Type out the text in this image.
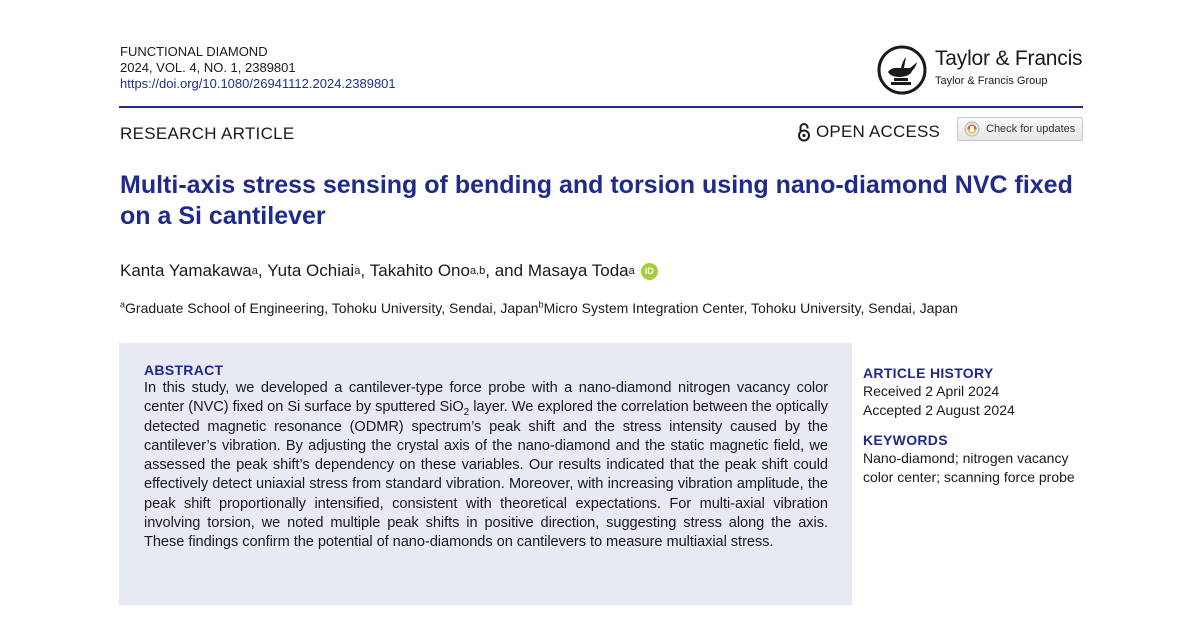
FUNCTIONAL DIAMOND
2024, VOL. 4, NO. 1, 2389801
https://doi.org/10.1080/26941112.2024.2389801
Taylor & Francis
Taylor & Francis Group
RESEARCH ARTICLE	OPEN ACCESS	Check for updates
Multi-axis stress sensing of bending and torsion using nano-diamond NVC fixed on a Si cantilever
Kanta Yamakawa a , Yuta Ochiai a , Takahito Ono a,b , and Masaya Toda a	iD
$^a$Graduate School of Engineering, Tohoku University, Sendai, Japan$^b$Micro System Integration Center, Tohoku University, Sendai, Japan
ABSTRACT

In this study, we developed a cantilever-type force probe with a nano-diamond nitrogen vacancy color center (NVC) fixed on Si surface by sputtered SiO$_2$ layer. We explored the correlation between the optically detected magnetic resonance (ODMR) spectrum’s peak shift and the stress intensity caused by the cantilever’s vibration. By adjusting the crystal axis of the nano-diamond and the static magnetic field, we assessed the peak shift’s dependency on these variables. Our results indicated that the peak shift could effectively detect uniaxial stress from standard vibration. Moreover, with increasing vibration amplitude, the peak shift proportionally intensified, consistent with theoretical expectations. For multi-axial vibration involving torsion, we noted multiple peak shifts in positive direction, suggesting stress along the axis. These findings confirm the potential of nano-diamonds on cantilevers to measure multiaxial stress.

ARTICLE HISTORY
Received 2 April 2024
Accepted 2 August 2024
KEYWORDS
Nano-diamond; nitrogen vacancy color center; scanning force probe
